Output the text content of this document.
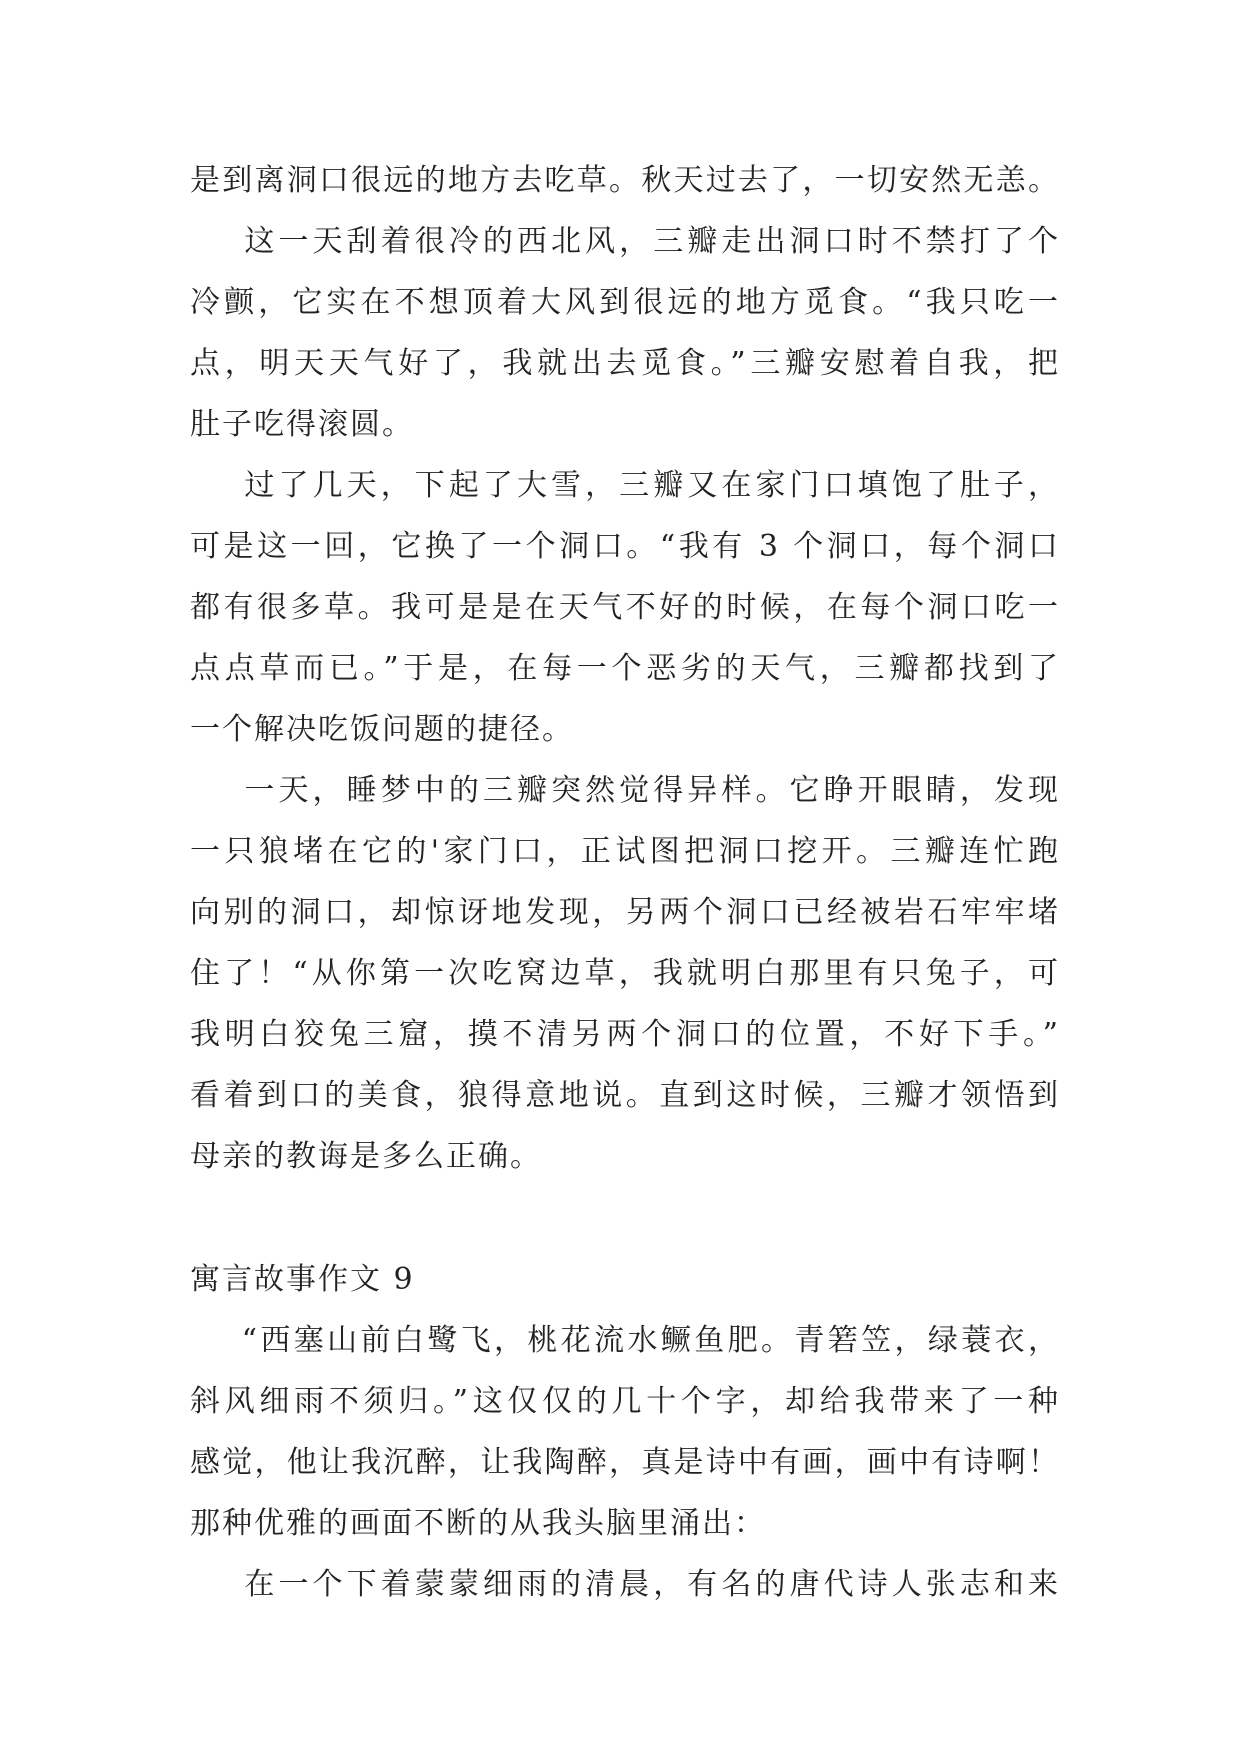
是到离洞口很远的地方去吃草。秋天过去了，一切安然无恙。
这一天刮着很冷的西北风，三瓣走出洞口时不禁打了个
冷颤，它实在不想顶着大风到很远的地方觅食。“我只吃一
点，明天天气好了，我就出去觅食。”三瓣安慰着自我，把
肚子吃得滚圆。
过了几天，下起了大雪，三瓣又在家门口填饱了肚子，
可是这一回，它换了一个洞口。“我有 3 个洞口，每个洞口
都有很多草。我可是是在天气不好的时候，在每个洞口吃一
点点草而已。”于是，在每一个恶劣的天气，三瓣都找到了
一个解决吃饭问题的捷径。
一天，睡梦中的三瓣突然觉得异样。它睁开眼睛，发现
一只狼堵在它的'家门口，正试图把洞口挖开。三瓣连忙跑
向别的洞口，却惊讶地发现，另两个洞口已经被岩石牢牢堵
住了！“从你第一次吃窝边草，我就明白那里有只兔子，可
我明白狡兔三窟，摸不清另两个洞口的位置，不好下手。”
看着到口的美食，狼得意地说。直到这时候，三瓣才领悟到
母亲的教诲是多么正确。
寓言故事作文 9
“西塞山前白鹭飞，桃花流水鳜鱼肥。青箬笠，绿蓑衣，
斜风细雨不须归。”这仅仅的几十个字，却给我带来了一种
感觉，他让我沉醉，让我陶醉，真是诗中有画，画中有诗啊！
那种优雅的画面不断的从我头脑里涌出：
在一个下着蒙蒙细雨的清晨，有名的唐代诗人张志和来
